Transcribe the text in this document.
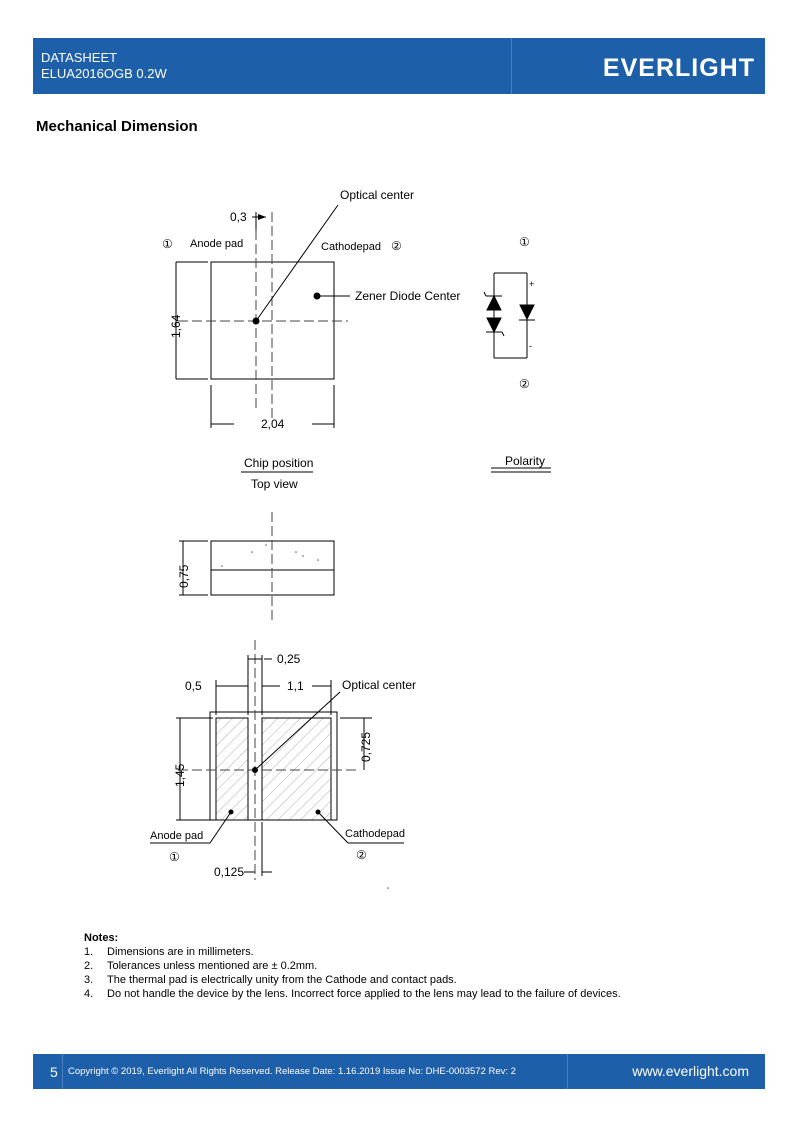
DATASHEET
ELUA2016OGB 0.2W	EVERLIGHT
Mechanical Dimension
Optical center
0,3
① Anode pad	Cathodepad ②
Zener Diode Center
1,64
2,04
Chip position
Top view
①
+
-
②
Polarity
0,75
0,25
0,5	1,1	Optical center
0,725
1,45
Anode pad
①
Cathodepad
②
0,125
Notes:
1.	Dimensions are in millimeters.
2.	Tolerances unless mentioned are ± 0.2mm.
3.	The thermal pad is electrically unity from the Cathode and contact pads.
4.	Do not handle the device by the lens. Incorrect force applied to the lens may lead to the failure of devices.
5 Copyright © 2019, Everlight All Rights Reserved. Release Date: 1.16.2019 Issue No: DHE-0003572 Rev: 2	www.everlight.com
